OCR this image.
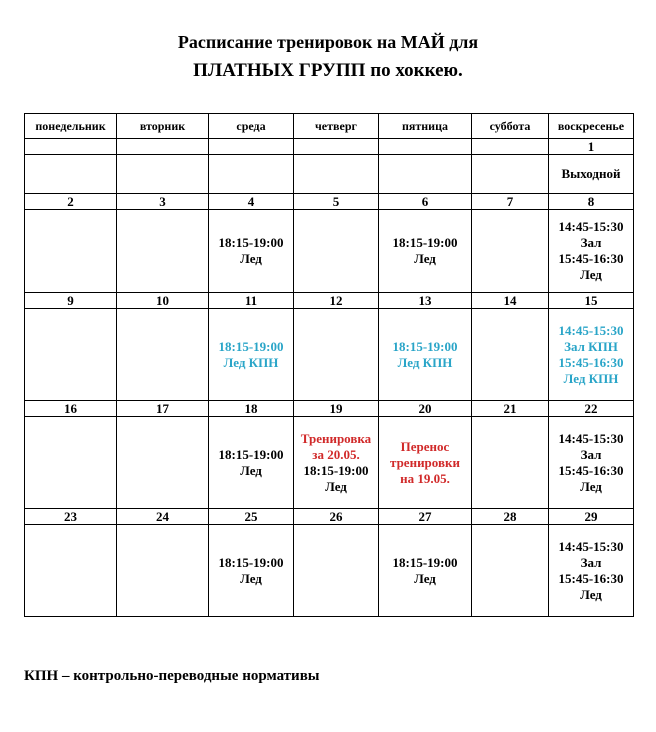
Расписание тренировок на МАЙ для
ПЛАТНЫХ ГРУПП по хоккею.
понедельник	вторник	среда	четверг	пятница	суббота	воскресенье
						1

						Выходной

2	3	4	5	6	7	8

		18:15-19:00
Лед		18:15-19:00
Лед		14:45-15:30
Зал
15:45-16:30
Лед

9	10	11	12	13	14	15

		18:15-19:00
Лед КПН		18:15-19:00
Лед КПН		14:45-15:30
Зал КПН
15:45-16:30
Лед КПН

16	17	18	19	20	21	22

		18:15-19:00
Лед	Тренировка
за 20.05.
18:15-19:00
Лед	Перенос
тренировки
на 19.05.		14:45-15:30
Зал
15:45-16:30
Лед

23	24	25	26	27	28	29

		18:15-19:00
Лед		18:15-19:00
Лед		14:45-15:30
Зал
15:45-16:30
Лед

КПН – контрольно-переводные нормативы
